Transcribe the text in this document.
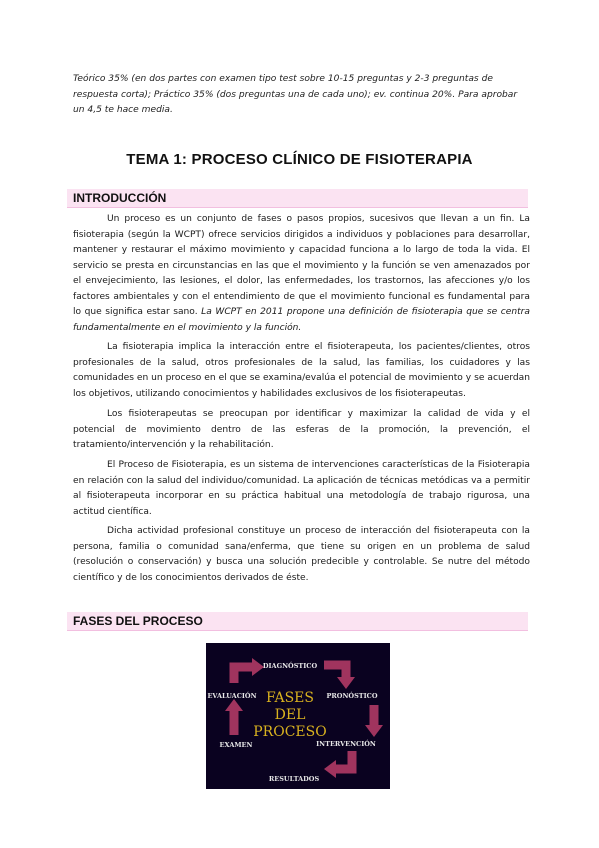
Teórico 35% (en dos partes con examen tipo test sobre 10-15 preguntas y 2-3 preguntas de respuesta corta); Práctico 35% (dos preguntas una de cada uno); ev. continua 20%. Para aprobar un 4,5 te hace media.

TEMA 1: PROCESO CLÍNICO DE FISIOTERAPIA
INTRODUCCIÓN

Un proceso es un conjunto de fases o pasos propios, sucesivos que llevan a un fin. La fisioterapia (según la WCPT) ofrece servicios dirigidos a individuos y poblaciones para desarrollar, mantener y restaurar el máximo movimiento y capacidad funciona a lo largo de toda la vida. El servicio se presta en circunstancias en las que el movimiento y la función se ven amenazados por el envejecimiento, las lesiones, el dolor, las enfermedades, los trastornos, las afecciones y/o los factores ambientales y con el entendimiento de que el movimiento funcional es fundamental para lo que significa estar sano. La WCPT en 2011 propone una definición de fisioterapia que se centra fundamentalmente en el movimiento y la función.

La fisioterapia implica la interacción entre el fisioterapeuta, los pacientes/clientes, otros profesionales de la salud, otros profesionales de la salud, las familias, los cuidadores y las comunidades en un proceso en el que se examina/evalúa el potencial de movimiento y se acuerdan los objetivos, utilizando conocimientos y habilidades exclusivos de los fisioterapeutas.

Los fisioterapeutas se preocupan por identificar y maximizar la calidad de vida y el potencial de movimiento dentro de las esferas de la promoción, la prevención, el tratamiento/intervención y la rehabilitación.

El Proceso de Fisioterapia, es un sistema de intervenciones características de la Fisioterapia en relación con la salud del individuo/comunidad. La aplicación de técnicas metódicas va a permitir al fisioterapeuta incorporar en su práctica habitual una metodología de trabajo rigurosa, una actitud científica.

Dicha actividad profesional constituye un proceso de interacción del fisioterapeuta con la persona, familia o comunidad sana/enferma, que tiene su origen en un problema de salud (resolución o conservación) y busca una solución predecible y controlable. Se nutre del método científico y de los conocimientos derivados de éste.

FASES DEL PROCESO
DIAGNÓSTICO
PRONÓSTICO
INTERVENCIÓN
RESULTADOS
EXAMEN
EVALUACIÓN FASES
DEL
PROCESO
